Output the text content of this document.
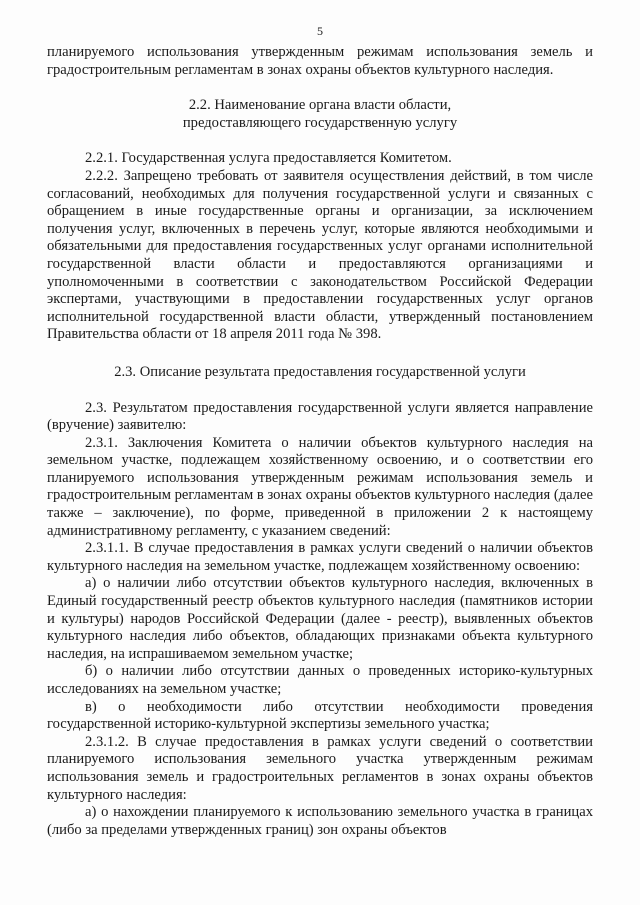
5

планируемого использования утвержденным режимам использования земель и градостроительным регламентам в зонах охраны объектов культурного наследия.

2.2. Наименование органа власти области,

предоставляющего государственную услугу

2.2.1. Государственная услуга предоставляется Комитетом.

2.2.2. Запрещено требовать от заявителя осуществления действий, в том числе согласований, необходимых для получения государственной услуги и связанных с обращением в иные государственные органы и организации, за исключением получения услуг, включенных в перечень услуг, которые являются необходимыми и обязательными для предоставления государственных услуг органами исполнительной государственной власти области и предоставляются организациями и уполномоченными в соответствии с законодательством Российской Федерации экспертами, участвующими в предоставлении государственных услуг органов исполнительной государственной власти области, утвержденный постановлением Правительства области от 18 апреля 2011 года № 398.

2.3. Описание результата предоставления государственной услуги

2.3. Результатом предоставления государственной услуги является направление (вручение) заявителю:

2.3.1. Заключения Комитета о наличии объектов культурного наследия на земельном участке, подлежащем хозяйственному освоению, и о соответствии его планируемого использования утвержденным режимам использования земель и градостроительным регламентам в зонах охраны объектов культурного наследия (далее также – заключение), по форме, приведенной в приложении 2 к настоящему административному регламенту, с указанием сведений:

2.3.1.1. В случае предоставления в рамках услуги сведений о наличии объектов культурного наследия на земельном участке, подлежащем хозяйственному освоению:

а) о наличии либо отсутствии объектов культурного наследия, включенных в Единый государственный реестр объектов культурного наследия (памятников истории и культуры) народов Российской Федерации (далее - реестр), выявленных объектов культурного наследия либо объектов, обладающих признаками объекта культурного наследия, на испрашиваемом земельном участке;

б) о наличии либо отсутствии данных о проведенных историко-культурных исследованиях на земельном участке;

в) о необходимости либо отсутствии необходимости проведения государственной историко-культурной экспертизы земельного участка;

2.3.1.2. В случае предоставления в рамках услуги сведений о соответствии планируемого использования земельного участка утвержденным режимам использования земель и градостроительных регламентов в зонах охраны объектов культурного наследия:

а) о нахождении планируемого к использованию земельного участка в границах (либо за пределами утвержденных границ) зон охраны объектов
